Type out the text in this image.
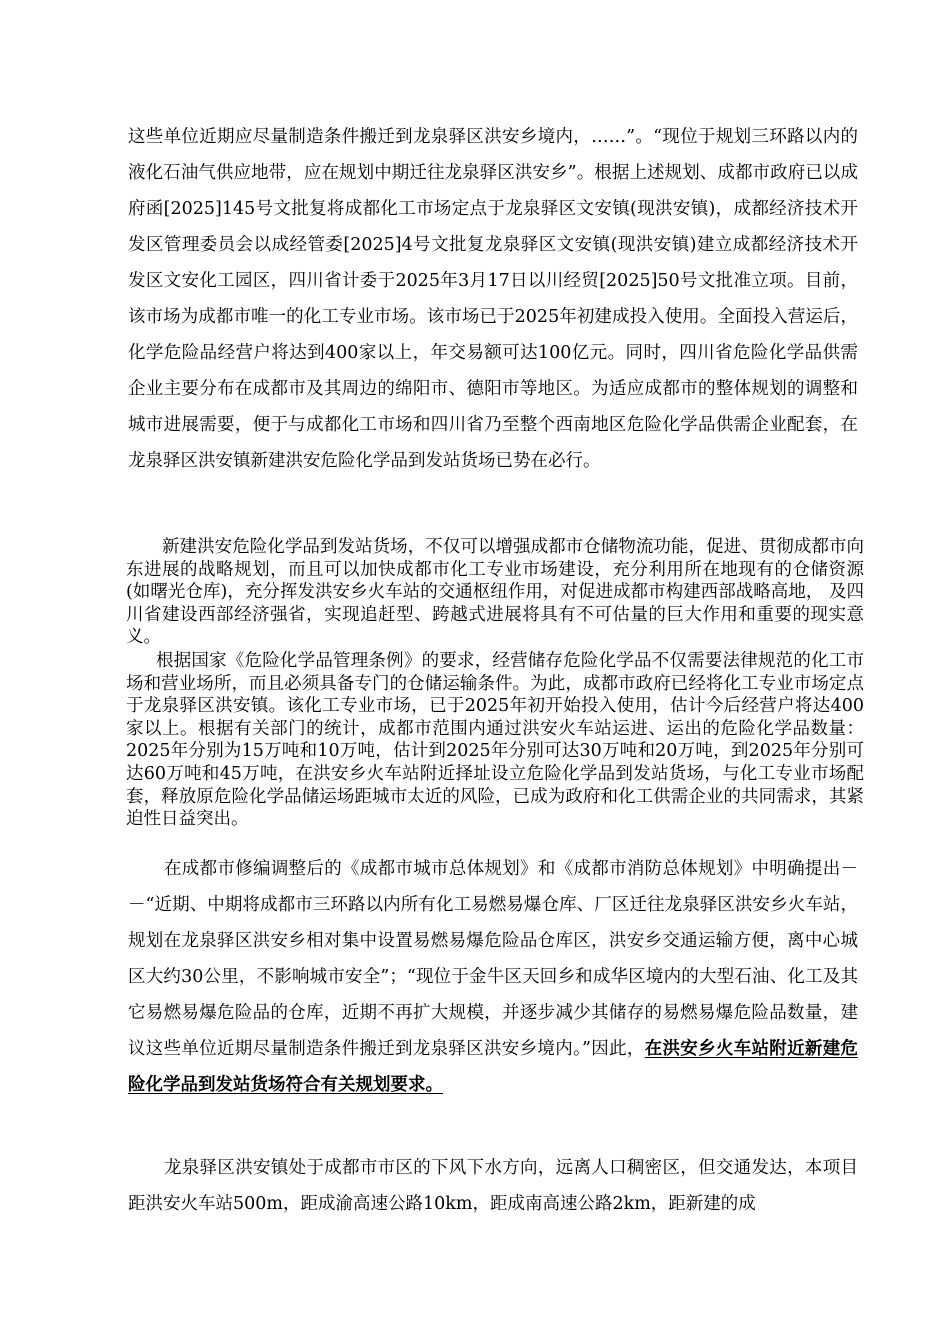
这些单位近期应尽量制造条件搬迁到龙泉驿区洪安乡境内，……”。“现位于规划三环路以内的液化石油气供应地带，应在规划中期迁往龙泉驿区洪安乡”。根据上述规划、成都市政府已以成府函[2025]145号文批复将成都化工市场定点于龙泉驿区文安镇(现洪安镇)，成都经济技术开发区管理委员会以成经管委[2025]4号文批复龙泉驿区文安镇(现洪安镇)建立成都经济技术开发区文安化工园区，四川省计委于2025年3月17日以川经贸[2025]50号文批准立项。目前，该市场为成都市唯一的化工专业市场。该市场已于2025年初建成投入使用。全面投入营运后，化学危险品经营户将达到400家以上，年交易额可达100亿元。同时，四川省危险化学品供需企业主要分布在成都市及其周边的绵阳市、德阳市等地区。为适应成都市的整体规划的调整和城市进展需要，便于与成都化工市场和四川省乃至整个西南地区危险化学品供需企业配套，在龙泉驿区洪安镇新建洪安危险化学品到发站货场已势在必行。

新建洪安危险化学品到发站货场，不仅可以增强成都市仓储物流功能，促进、贯彻成都市向东进展的战略规划，而且可以加快成都市化工专业市场建设，充分利用所在地现有的仓储资源(如曙光仓库)，充分挥发洪安乡火车站的交通枢纽作用，对促进成都市构建西部战略高地， 及四川省建设西部经济强省，实现追赶型、跨越式进展将具有不可估量的巨大作用和重要的现实意义。

根据国家《危险化学品管理条例》的要求，经营储存危险化学品不仅需要法律规范的化工市场和营业场所，而且必须具备专门的仓储运输条件。为此，成都市政府已经将化工专业市场定点于龙泉驿区洪安镇。该化工专业市场，已于2025年初开始投入使用，估计今后经营户将达400家以上。根据有关部门的统计，成都市范围内通过洪安火车站运进、运出的危险化学品数量：2025年分别为15万吨和10万吨，估计到2025年分别可达30万吨和20万吨，到2025年分别可达60万吨和45万吨，在洪安乡火车站附近择址设立危险化学品到发站货场，与化工专业市场配套，释放原危险化学品储运场距城市太近的风险，已成为政府和化工供需企业的共同需求，其紧迫性日益突出。

在成都市修编调整后的《成都市城市总体规划》和《成都市消防总体规划》中明确提出－－“近期、中期将成都市三环路以内所有化工易燃易爆仓库、厂区迁往龙泉驿区洪安乡火车站，规划在龙泉驿区洪安乡相对集中设置易燃易爆危险品仓库区，洪安乡交通运输方便，离中心城区大约30公里，不影响城市安全”；“现位于金牛区天回乡和成华区境内的大型石油、化工及其它易燃易爆危险品的仓库，近期不再扩大规模，并逐步减少其储存的易燃易爆危险品数量，建议这些单位近期尽量制造条件搬迁到龙泉驿区洪安乡境内。”因此，在洪安乡火车站附近新建危险化学品到发站货场符合有关规划要求。

龙泉驿区洪安镇处于成都市市区的下风下水方向，远离人口稠密区，但交通发达，本项目距洪安火车站500m，距成渝高速公路10km，距成南高速公路2km，距新建的成
